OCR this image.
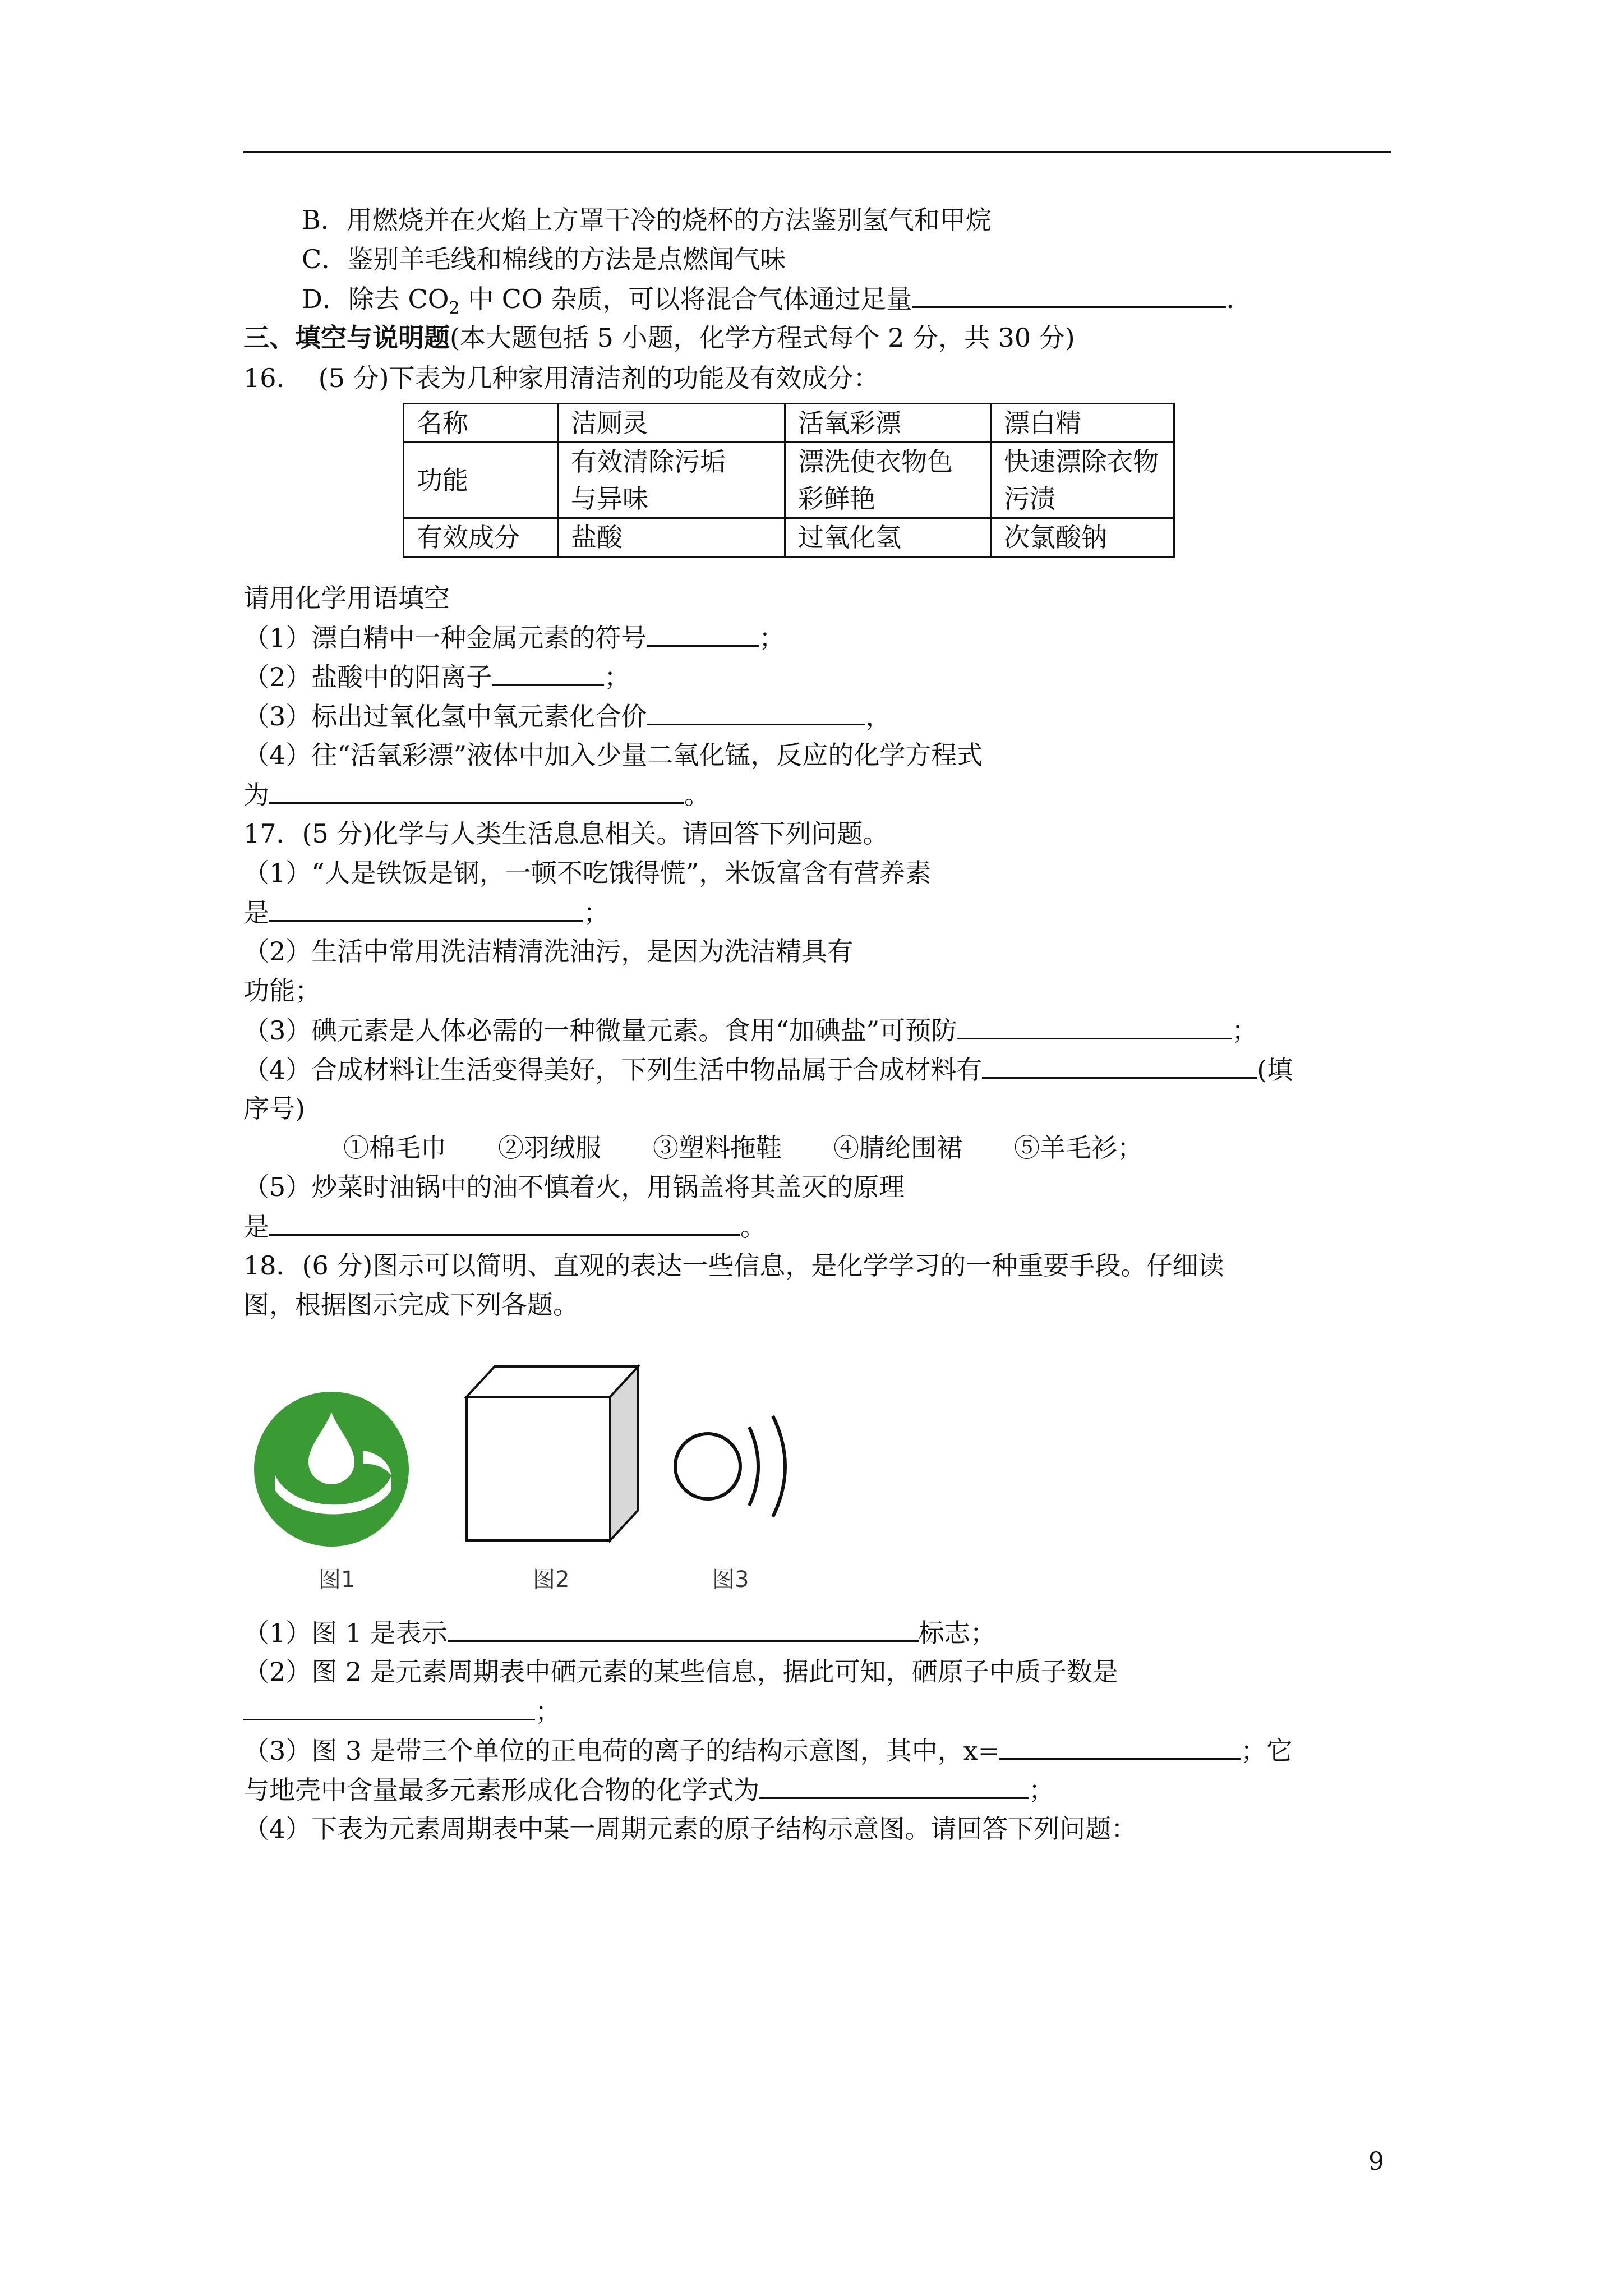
B．用燃烧并在火焰上方罩干冷的烧杯的方法鉴别氢气和甲烷
C．鉴别羊毛线和棉线的方法是点燃闻气味
D．除去 $CO_2$ 中 CO 杂质，可以将混合气体通过足量	.
三、填空与说明题(本大题包括 5 小题，化学方程式每个 2 分，共 30 分)
16.　 (5 分)下表为几种家用清洁剂的功能及有效成分：
名称	洁厕灵	活氧彩漂	漂白精
功能	有效清除污垢与异味	漂洗使衣物色彩鲜艳	快速漂除衣物污渍
有效成分	盐酸	过氧化氢	次氯酸钠
请用化学用语填空
（1）漂白精中一种金属元素的符号	；
（2）盐酸中的阳离子	；
（3）标出过氧化氢中氧元素化合价	，
（4）往“活氧彩漂”液体中加入少量二氧化锰，反应的化学方程式
为	。
17．(5 分)化学与人类生活息息相关。请回答下列问题。
（1）“人是铁饭是钢，一顿不吃饿得慌”，米饭富含有营养素
是	；
（2）生活中常用洗洁精清洗油污，是因为洗洁精具有
功能；
（3）碘元素是人体必需的一种微量元素。食用“加碘盐”可预防	；
（4）合成材料让生活变得美好，下列生活中物品属于合成材料有	(填
序号)
①棉毛巾　　②羽绒服　　③塑料拖鞋　　④腈纶围裙　　⑤羊毛衫；
（5）炒菜时油锅中的油不慎着火，用锅盖将其盖灭的原理
是	。
18．(6 分)图示可以简明、直观的表达一些信息，是化学学习的一种重要手段。仔细读
图，根据图示完成下列各题。
图1	图2	图3
（1）图 1 是表示	标志；
（2）图 2 是元素周期表中硒元素的某些信息，据此可知，硒原子中质子数是
；
（3）图 3 是带三个单位的正电荷的离子的结构示意图，其中，x=	；它
与地壳中含量最多元素形成化合物的化学式为	；
（4）下表为元素周期表中某一周期元素的原子结构示意图。请回答下列问题：
9
